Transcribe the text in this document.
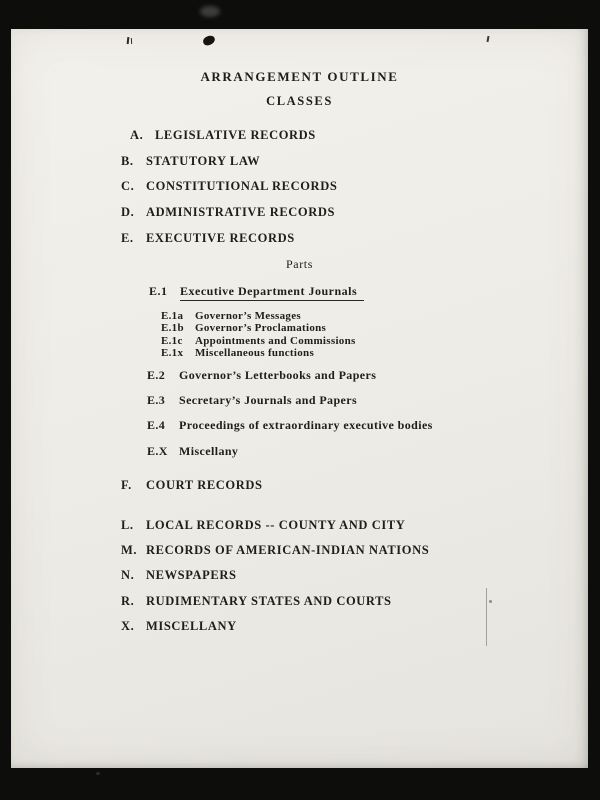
ARRANGEMENT OUTLINE
CLASSES
A. LEGISLATIVE RECORDS
B. STATUTORY LAW
C. CONSTITUTIONAL RECORDS
D. ADMINISTRATIVE RECORDS
E. EXECUTIVE RECORDS
Parts
E.1	Executive Department Journals
E.1a	Governor’s Messages
E.1b	Governor’s Proclamations
E.1c	Appointments and Commissions
E.1x	Miscellaneous functions
E.2	Governor’s Letterbooks and Papers
E.3	Secretary’s Journals and Papers
E.4	Proceedings of extraordinary executive bodies
E.X Miscellany
F.	COURT RECORDS
L. LOCAL RECORDS -- COUNTY AND CITY
M. RECORDS OF AMERICAN-INDIAN NATIONS
N. NEWSPAPERS
R. RUDIMENTARY STATES AND COURTS
X. MISCELLANY
